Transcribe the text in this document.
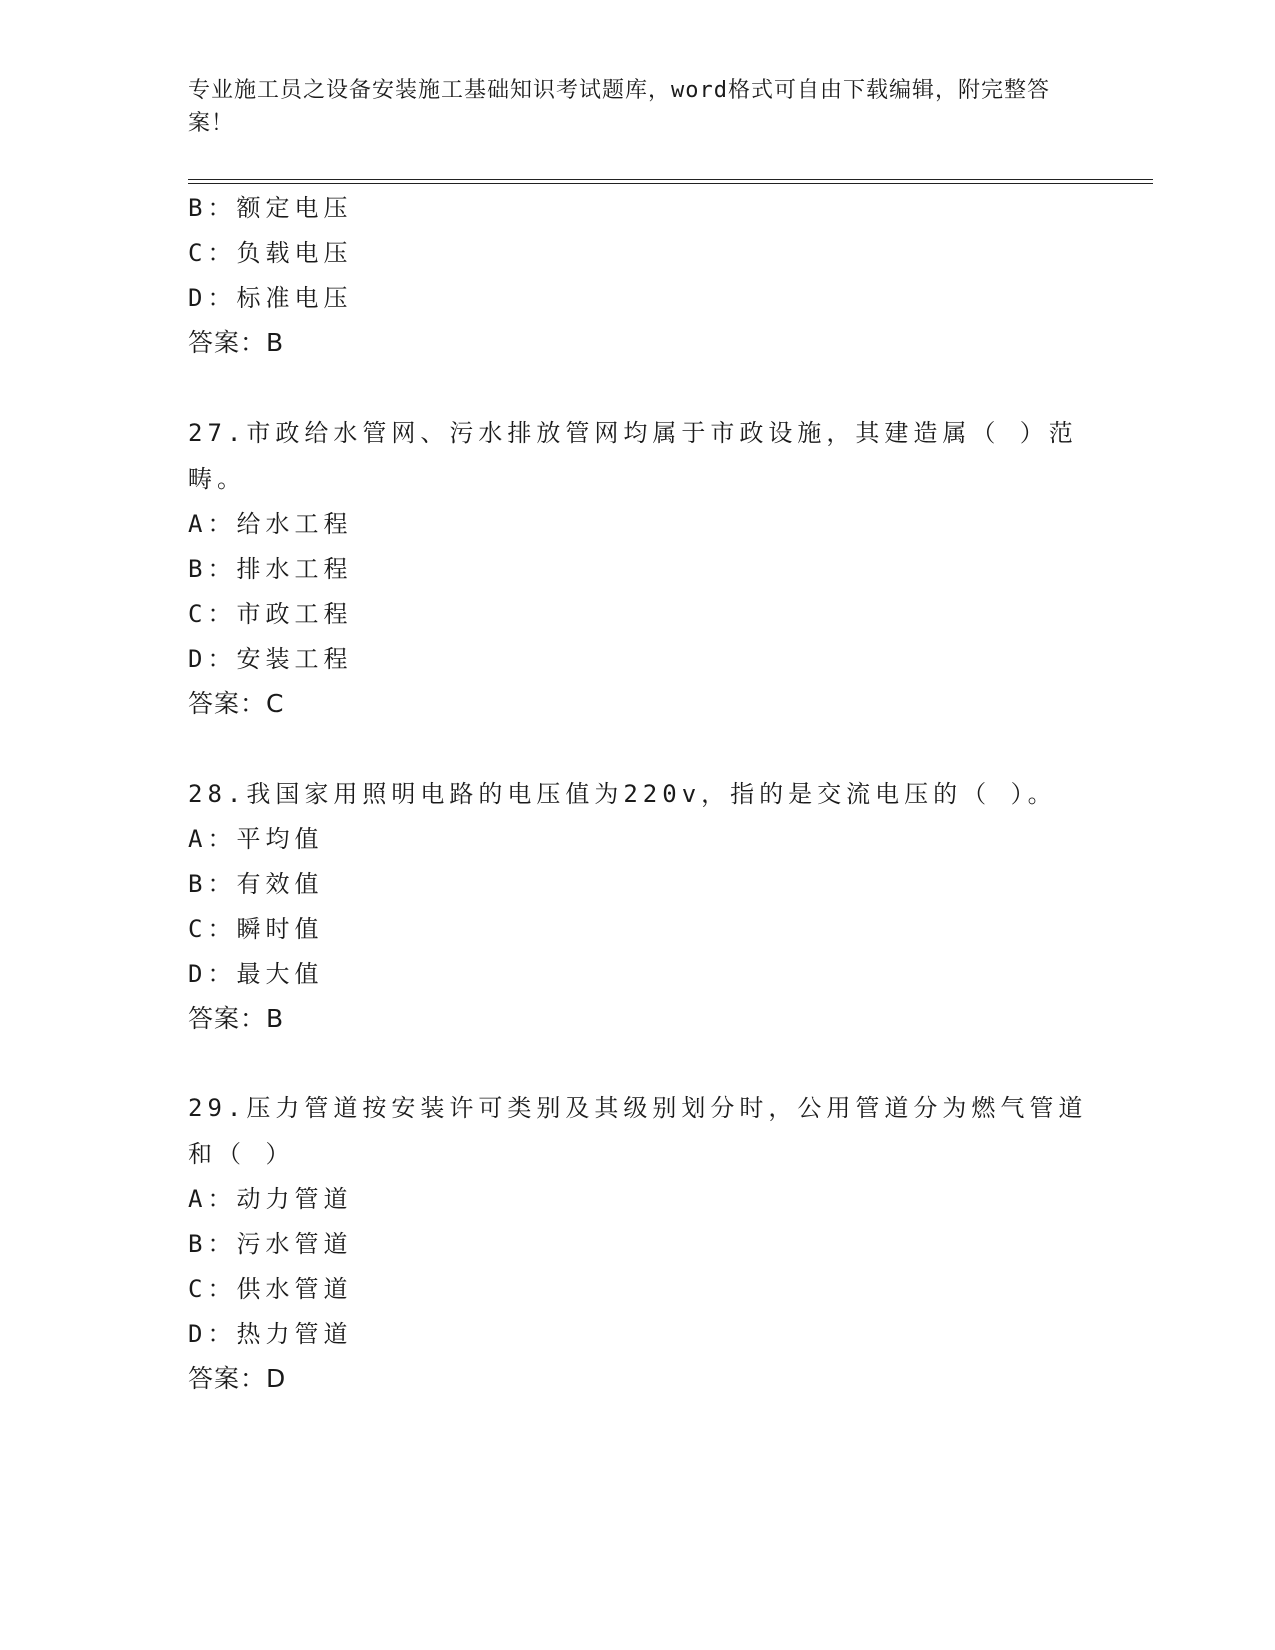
专业施工员之设备安装施工基础知识考试题库，word格式可自由下载编辑，附完整答案！
B：额定电压
C：负载电压
D：标准电压
答案：B
27.市政给水管网、污水排放管网均属于市政设施，其建造属（ ）范畴。
A：给水工程
B：排水工程
C：市政工程
D：安装工程
答案：C
28.我国家用照明电路的电压值为220v，指的是交流电压的（ ）。
A：平均值
B：有效值
C：瞬时值
D：最大值
答案：B
29.压力管道按安装许可类别及其级别划分时，公用管道分为燃气管道和（ ）
A：动力管道
B：污水管道
C：供水管道
D：热力管道
答案：D
